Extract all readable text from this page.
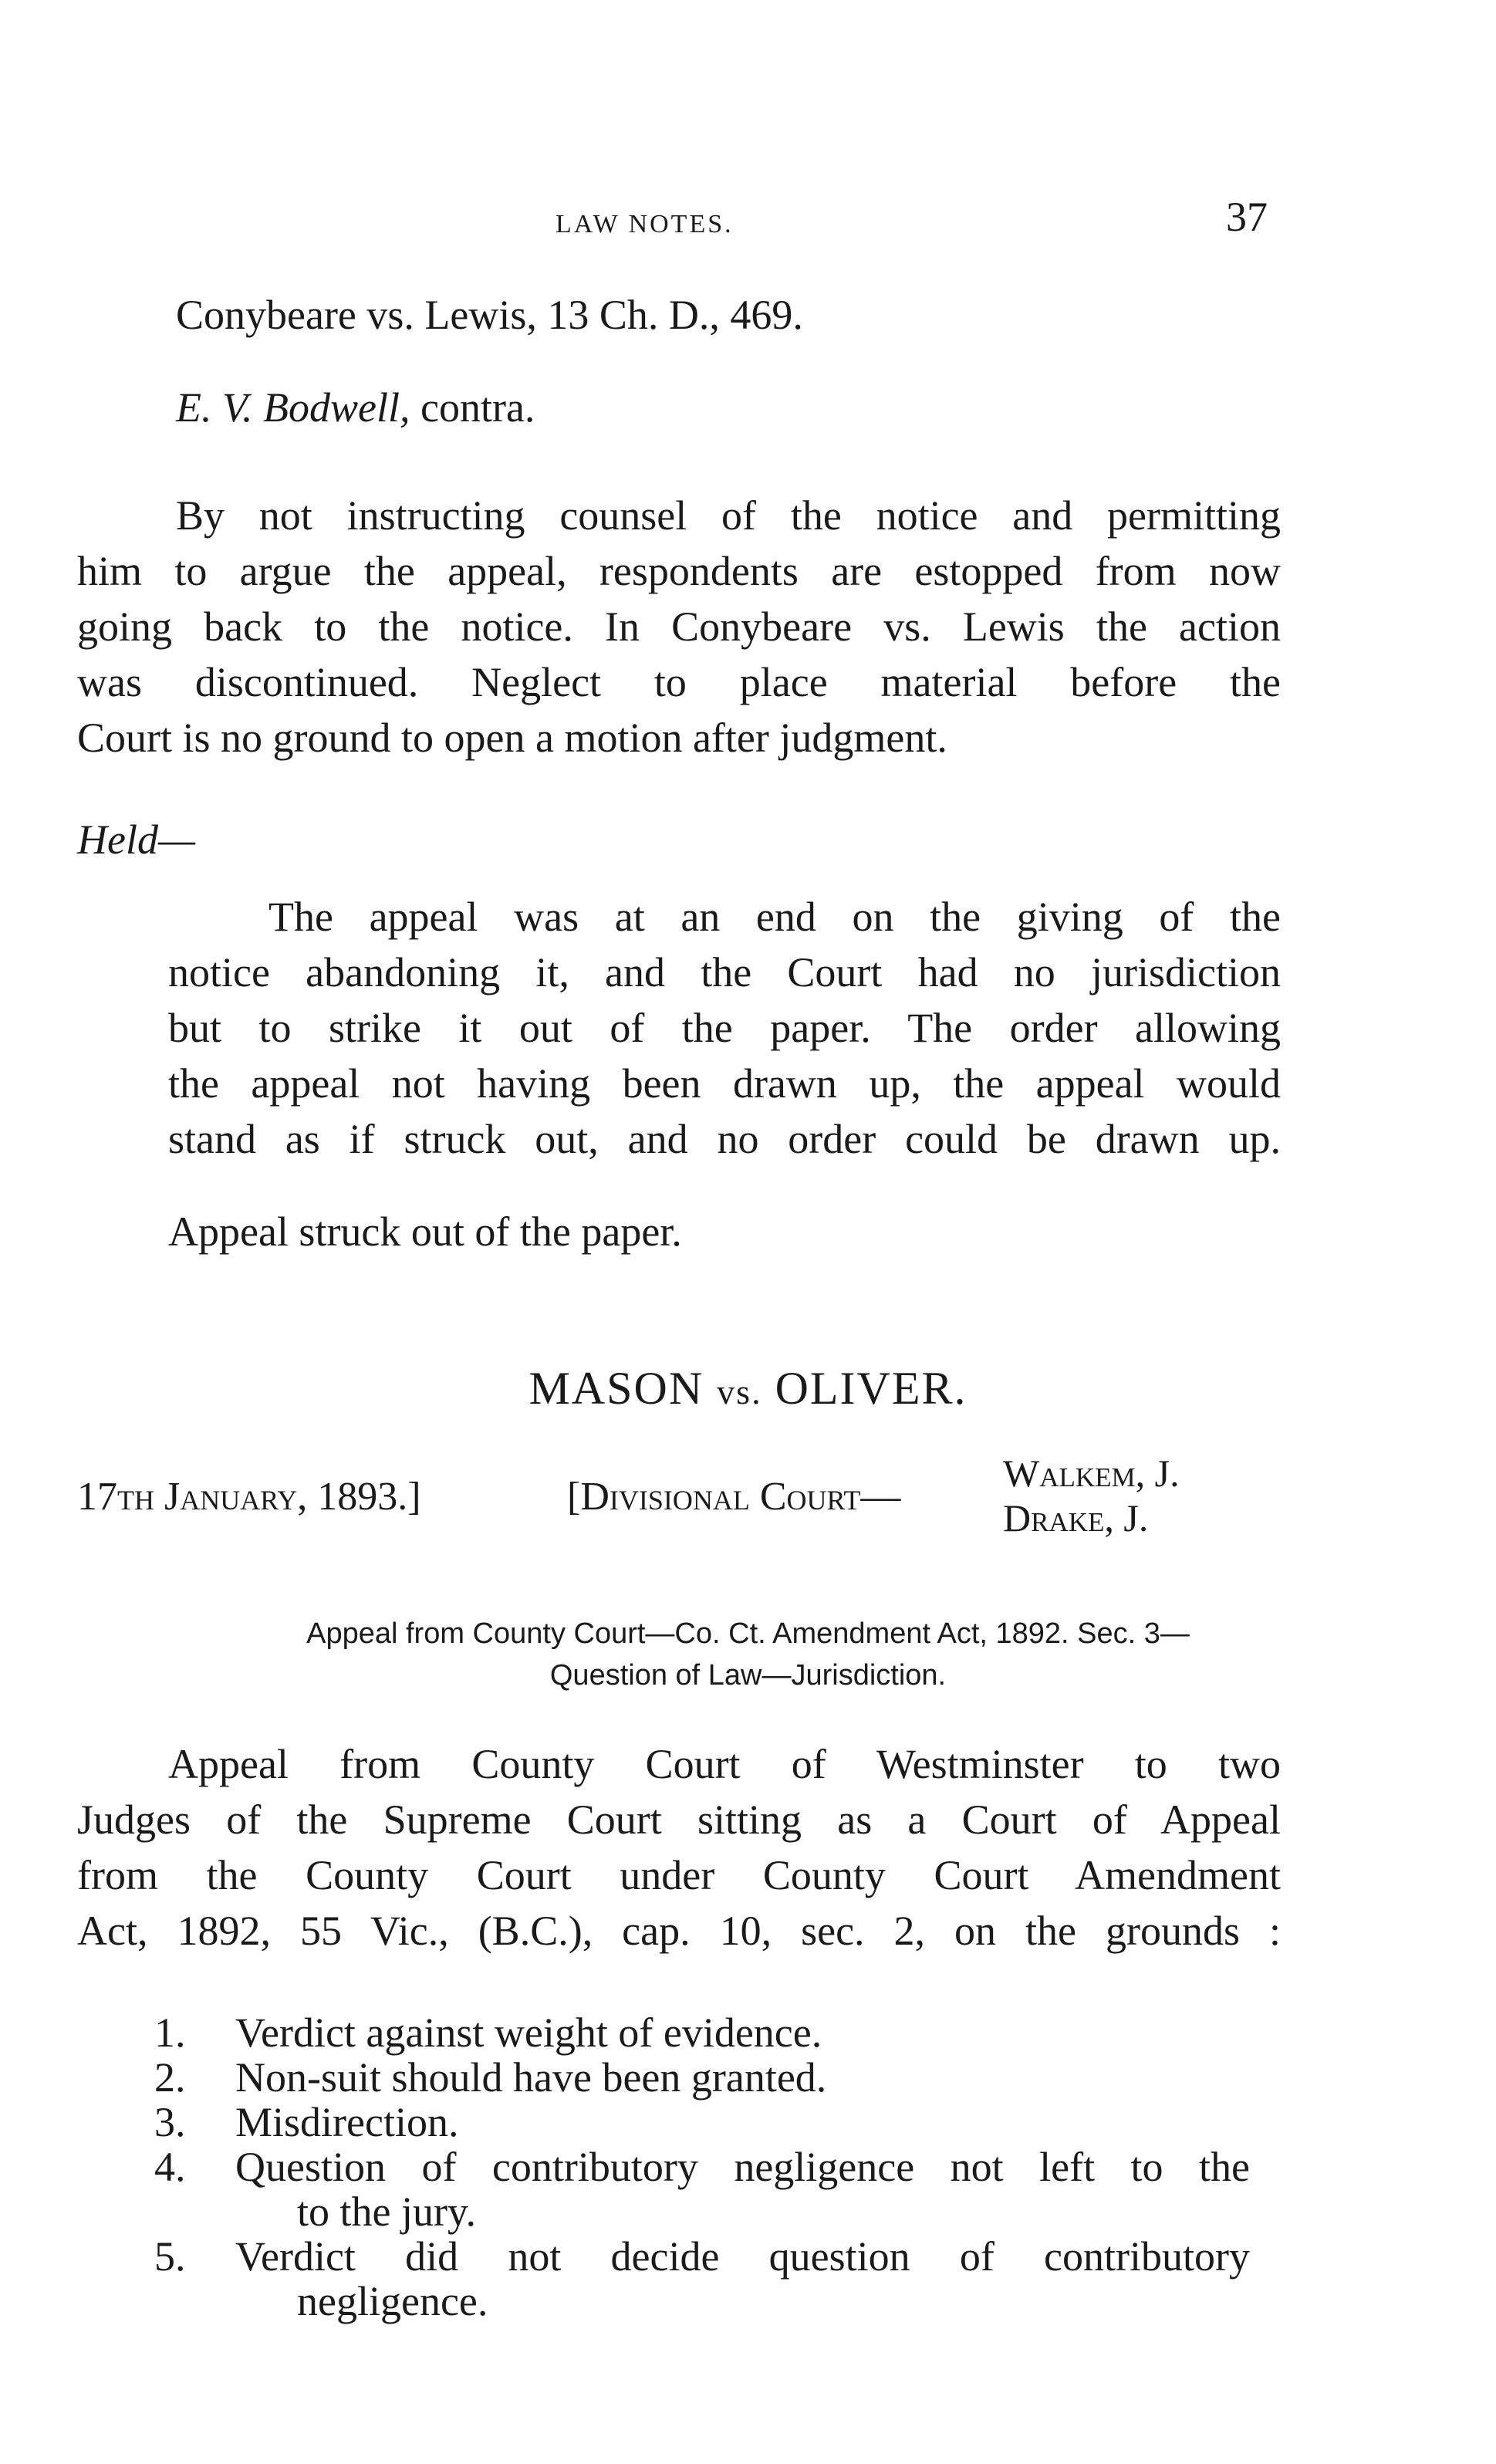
LAW NOTES.	37
Conybeare vs. Lewis, 13 Ch. D., 469.
E. V. Bodwell, contra.
By not instructing counsel of the notice and permitting
him to argue the appeal, respondents are estopped from now
going back to the notice. In Conybeare vs. Lewis the action
was discontinued. Neglect to place material before the
Court is no ground to open a motion after judgment.
Held—
The appeal was at an end on the giving of the
notice abandoning it, and the Court had no jurisdiction
but to strike it out of the paper. The order allowing
the appeal not having been drawn up, the appeal would
stand as if struck out, and no order could be drawn up.
Appeal struck out of the paper.
MASON vs. OLIVER.
17th January, 1893.]	[Divisional Court—
Walkem, J.
Drake, J.
Appeal from County Court—Co. Ct. Amendment Act, 1892. Sec. 3—
Question of Law—Jurisdiction.
Appeal from County Court of Westminster to two
Judges of the Supreme Court sitting as a Court of Appeal
from the County Court under County Court Amendment
Act, 1892, 55 Vic., (B.C.), cap. 10, sec. 2, on the grounds :
1. Verdict against weight of evidence.
2. Non-suit should have been granted.
3. Misdirection.
4. Question of contributory negligence not left to the
to the jury.
5. Verdict did not decide question of contributory
negligence.
